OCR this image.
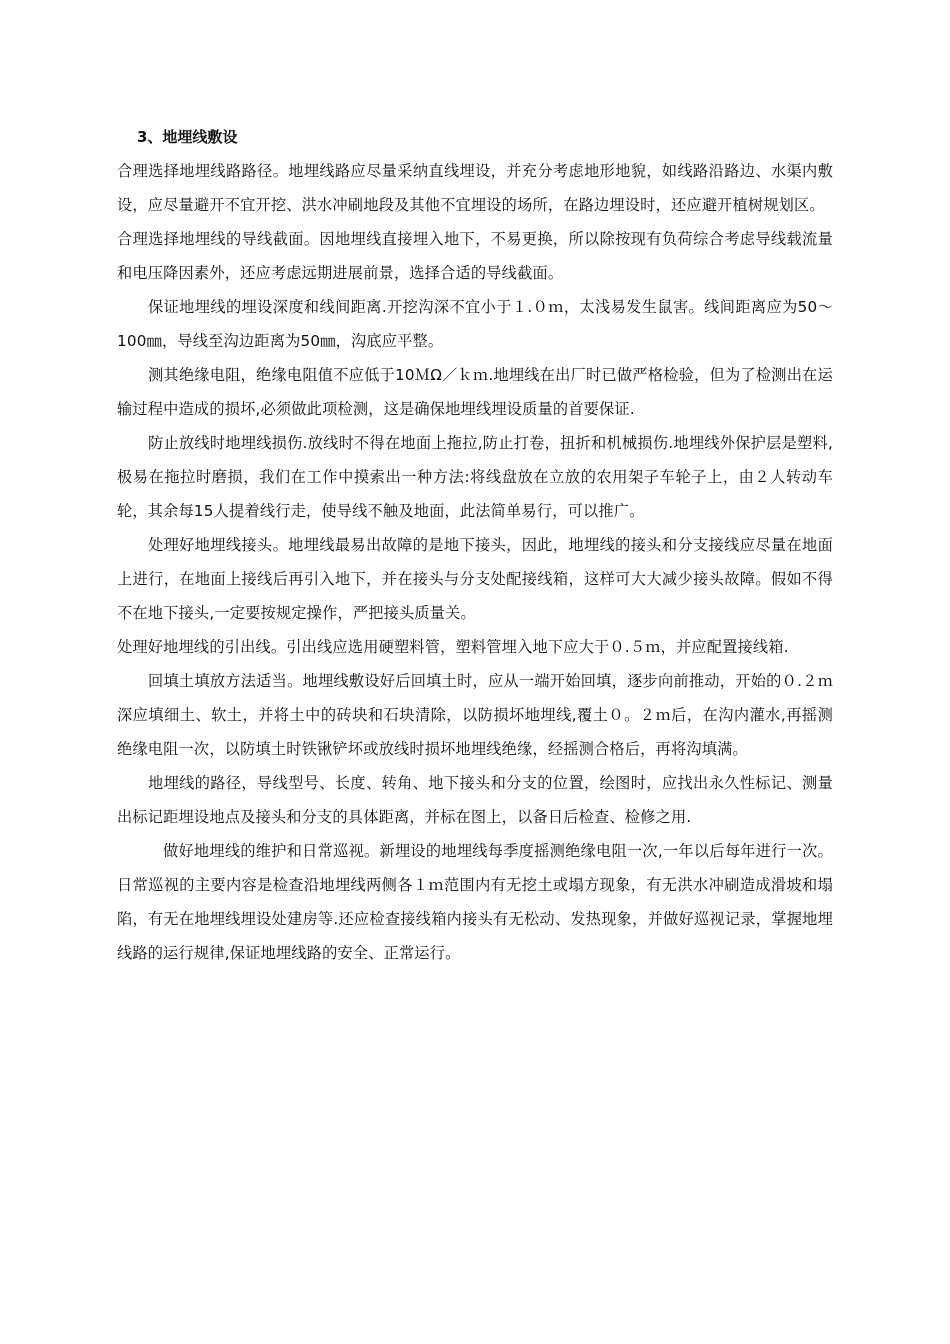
3、地埋线敷设

合理选择地埋线路路径。地埋线路应尽量采纳直线埋设，并充分考虑地形地貌，如线路沿路边、水渠内敷设，应尽量避开不宜开挖、洪水冲刷地段及其他不宜埋设的场所，在路边埋设时，还应避开植树规划区。

合理选择地埋线的导线截面。因地埋线直接埋入地下，不易更换，所以除按现有负荷综合考虑导线载流量和电压降因素外，还应考虑远期进展前景，选择合适的导线截面。

保证地埋线的埋设深度和线间距离.开挖沟深不宜小于１.０ｍ，太浅易发生鼠害。线间距离应为50～100㎜，导线至沟边距离为50㎜，沟底应平整。

测其绝缘电阻，绝缘电阻值不应低于10ＭΩ／ｋｍ.地埋线在出厂时已做严格检验，但为了检测出在运输过程中造成的损坏,必须做此项检测，这是确保地埋线埋设质量的首要保证.

防止放线时地埋线损伤.放线时不得在地面上拖拉,防止打卷，扭折和机械损伤.地埋线外保护层是塑料,极易在拖拉时磨损，我们在工作中摸索出一种方法:将线盘放在立放的农用架子车轮子上，由２人转动车轮，其余每15人提着线行走，使导线不触及地面，此法简单易行，可以推广。

处理好地埋线接头。地埋线最易出故障的是地下接头，因此，地埋线的接头和分支接线应尽量在地面上进行，在地面上接线后再引入地下，并在接头与分支处配接线箱，这样可大大减少接头故障。假如不得不在地下接头,一定要按规定操作，严把接头质量关。

处理好地埋线的引出线。引出线应选用硬塑料管，塑料管埋入地下应大于０.５ｍ，并应配置接线箱.

回填土填放方法适当。地埋线敷设好后回填土时，应从一端开始回填，逐步向前推动，开始的０.２ｍ深应填细土、软土，并将土中的砖块和石块清除，以防损坏地埋线,覆土０。２ｍ后，在沟内灌水,再摇测绝缘电阻一次，以防填土时铁锹铲坏或放线时损坏地埋线绝缘，经摇测合格后，再将沟填满。

地埋线的路径，导线型号、长度、转角、地下接头和分支的位置，绘图时，应找出永久性标记、测量出标记距埋设地点及接头和分支的具体距离，并标在图上，以备日后检查、检修之用.

做好地埋线的维护和日常巡视。新埋设的地埋线每季度摇测绝缘电阻一次,一年以后每年进行一次。日常巡视的主要内容是检查沿地埋线两侧各１ｍ范围内有无挖土或塌方现象，有无洪水冲刷造成滑坡和塌陷，有无在地埋线埋设处建房等.还应检查接线箱内接头有无松动、发热现象，并做好巡视记录，掌握地埋线路的运行规律,保证地埋线路的安全、正常运行。
